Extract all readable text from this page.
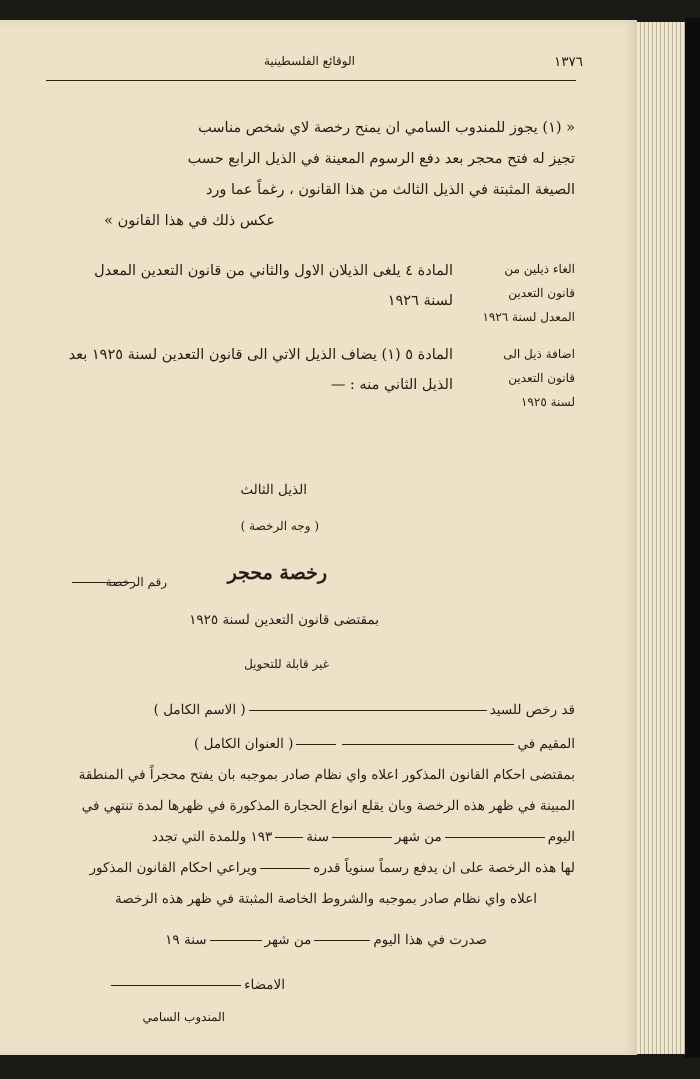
١٣٧٦
الوقائع الفلسطينية
« (١) يجوز للمندوب السامي ان يمنح رخصة لاي شخص مناسب
تجيز له فتح محجر بعد دفع الرسوم المعينة في الذيل الرابع حسب
الصيغة المثبتة في الذيل الثالث من هذا القانون ، رغماً عما ورد
عكس ذلك في هذا القانون »
الغاء ذيلين من
قانون التعدين
المعدل لسنة ١٩٢٦
المادة ٤ يلغى الذيلان الاول والثاني من قانون التعدين المعدل
لسنة ١٩٢٦
اضافة ذيل الى
قانون التعدين
لسنة ١٩٢٥
المادة ٥ (١) يضاف الذيل الاتي الى قانون التعدين لسنة ١٩٢٥ بعد
الذيل الثاني منه : —
الذيل الثالث
( وجه الرخصة )
رخصة محجر
رقم الرخصة
بمقتضى قانون التعدين لسنة ١٩٢٥
غير قابلة للتحويل
قد رخص للسيد( الاسم الكامل )
المقيم في( العنوان الكامل )
بمقتضى احكام القانون المذكور اعلاه واي نظام صادر بموجبه بان يفتح محجراً في المنطقة
المبينة في ظهر هذه الرخصة وبان يقلع انواع الحجارة المذكورة في ظهرها لمدة تنتهي في
اليوممن شهرسنة١٩٣ وللمدة التي تجدد
لها هذه الرخصة على ان يدفع رسماً سنوياً قدرهويراعي احكام القانون المذكور
اعلاه واي نظام صادر بموجبه والشروط الخاصة المثبتة في ظهر هذه الرخصة
صدرت في هذا اليوممن شهرسنة ١٩
الامضاء
المندوب السامي
